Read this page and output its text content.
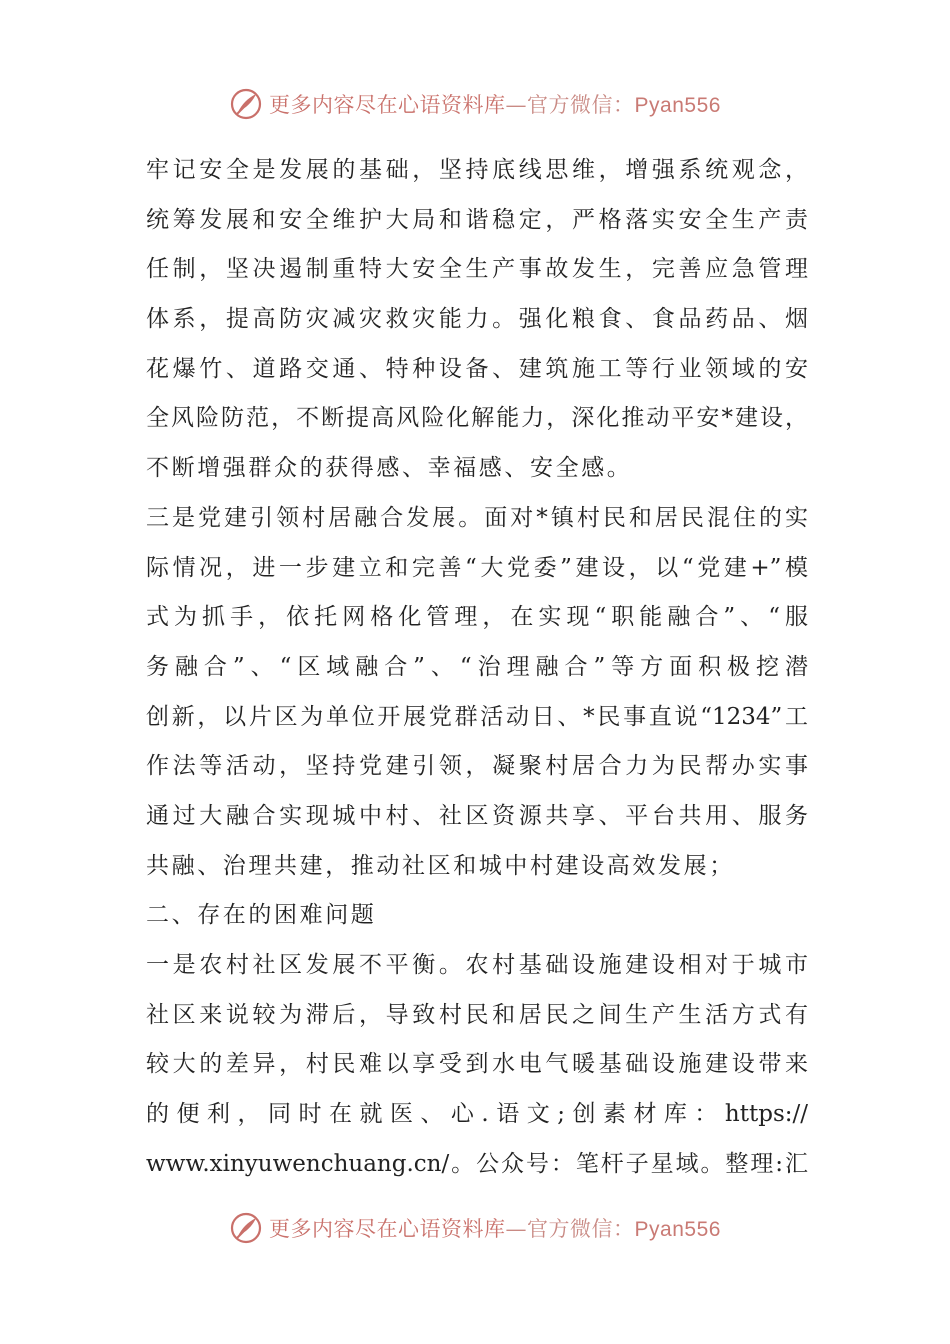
更多内容尽在心语资料库—官方微信：Pyan556
牢记安全是发展的基础，坚持底线思维，增强系统观念，
统筹发展和安全维护大局和谐稳定，严格落实安全生产责
任制，坚决遏制重特大安全生产事故发生，完善应急管理
体系，提高防灾减灾救灾能力。强化粮食、食品药品、烟
花爆竹、道路交通、特种设备、建筑施工等行业领域的安
全风险防范，不断提高风险化解能力，深化推动平安*建设，
不断增强群众的获得感、幸福感、安全感。
三是党建引领村居融合发展。面对*镇村民和居民混住的实
际情况，进一步建立和完善“大党委”建设，以“党建+”模
式为抓手，依托网格化管理，在实现“职能融合”、“服
务融合”、“区域融合”、“治理融合”等方面积极挖潜
创新，以片区为单位开展党群活动日、*民事直说“1234”工
作法等活动，坚持党建引领，凝聚村居合力为民帮办实事
通过大融合实现城中村、社区资源共享、平台共用、服务
共融、治理共建，推动社区和城中村建设高效发展；
二、存在的困难问题
一是农村社区发展不平衡。农村基础设施建设相对于城市
社区来说较为滞后，导致村民和居民之间生产生活方式有
较大的差异，村民难以享受到水电气暖基础设施建设带来
的便利，同时在就医、心.语文;创素材库：https://
www.xinyuwenchuang.cn/。公众号：笔杆子星域。整理:汇
更多内容尽在心语资料库—官方微信：Pyan556
